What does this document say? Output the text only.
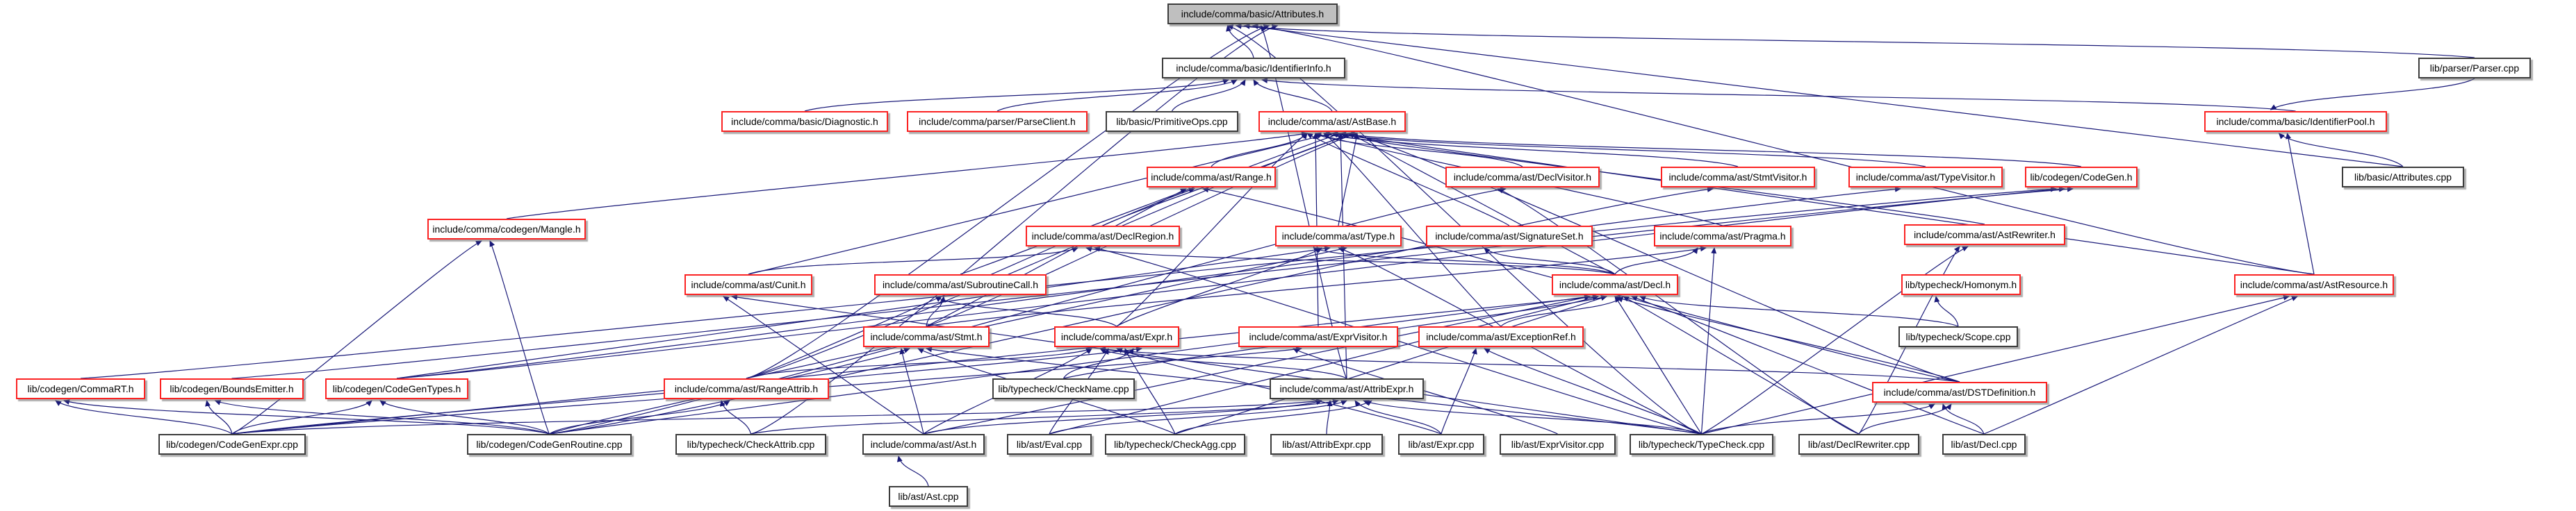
include/comma/basic/Attributes.h
include/comma/basic/IdentifierInfo.h	lib/parser/Parser.cpp
include/comma/basic/Diagnostic.h	include/comma/parser/ParseClient.h	lib/basic/PrimitiveOps.cpp	include/comma/ast/AstBase.h	include/comma/basic/IdentifierPool.h
lib/basic/Attributes.cpp
include/comma/ast/Range.h	include/comma/ast/DeclVisitor.h	include/comma/ast/StmtVisitor.h	include/comma/ast/TypeVisitor.h	lib/codegen/CodeGen.h
include/comma/codegen/Mangle.h
include/comma/ast/DeclRegion.h	include/comma/ast/Type.h	include/comma/ast/SignatureSet.h	include/comma/ast/Pragma.h	include/comma/ast/AstRewriter.h
include/comma/ast/Cunit.h	include/comma/ast/SubroutineCall.h	include/comma/ast/Decl.h	lib/typecheck/Homonym.h	include/comma/ast/AstResource.h
include/comma/ast/Stmt.h	include/comma/ast/Expr.h	include/comma/ast/ExprVisitor.h	include/comma/ast/ExceptionRef.h	lib/typecheck/Scope.cpp
lib/codegen/CommaRT.h	lib/codegen/BoundsEmitter.h	lib/codegen/CodeGenTypes.h	include/comma/ast/RangeAttrib.h	lib/typecheck/CheckName.cpp	include/comma/ast/AttribExpr.h	include/comma/ast/DSTDefinition.h
lib/codegen/CodeGenExpr.cpp	lib/codegen/CodeGenRoutine.cpp	lib/typecheck/CheckAttrib.cpp	include/comma/ast/Ast.h	lib/ast/Eval.cpp	lib/typecheck/CheckAgg.cpp	lib/ast/AttribExpr.cpp	lib/ast/Expr.cpp	lib/ast/ExprVisitor.cpp	lib/typecheck/TypeCheck.cpp	lib/ast/DeclRewriter.cpp	lib/ast/Decl.cpp
lib/ast/Ast.cpp
